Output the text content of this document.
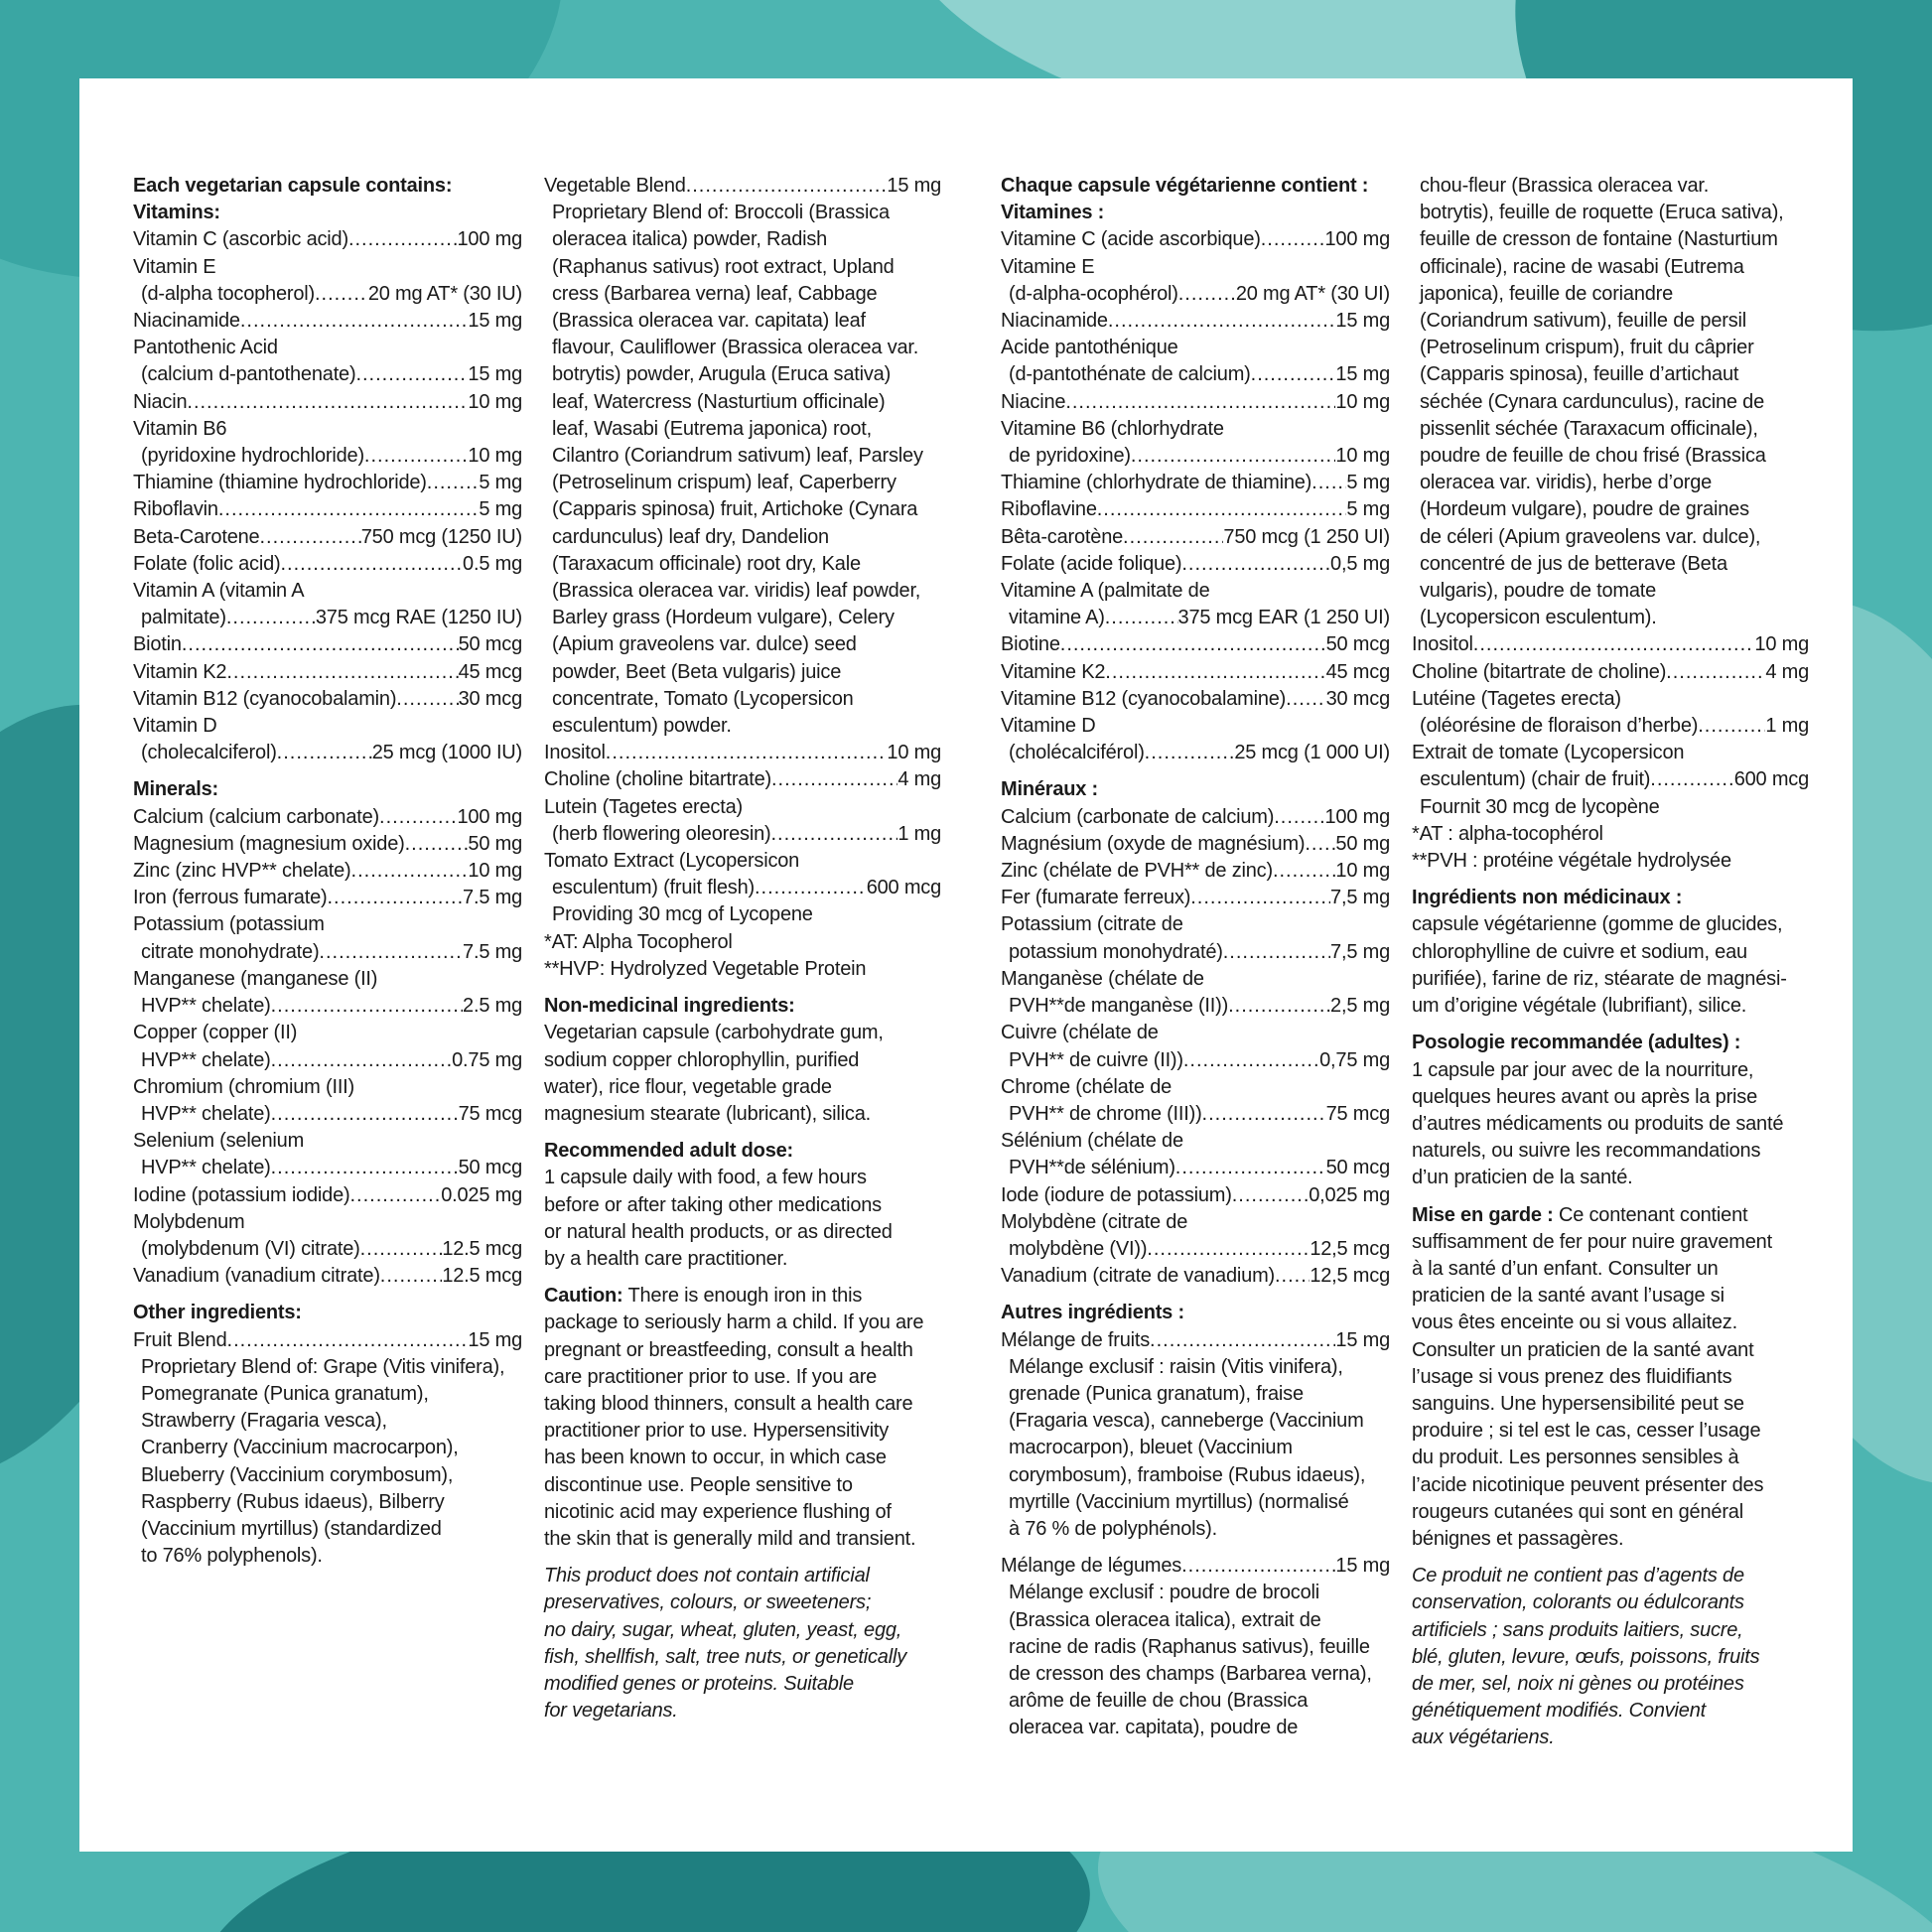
Each vegetarian capsule contains:

Vitamins:

Vitamin C (ascorbic acid) .....	100 mg

Vitamin E

(d-alpha tocopherol) .....	20 mg AT* (30 IU)
Niacinamide .....	15 mg

Pantothenic Acid

(calcium d-pantothenate) .....	15 mg
Niacin .....	10 mg

Vitamin B6

(pyridoxine hydrochloride) .....	10 mg
Thiamine (thiamine hydrochloride) .....	5 mg
Riboflavin .....	5 mg
Beta-Carotene .....	750 mcg (1250 IU)
Folate (folic acid) .....	0.5 mg

Vitamin A (vitamin A

palmitate) .....	375 mcg RAE (1250 IU)
Biotin .....	50 mcg
Vitamin K2 .....	45 mcg
Vitamin B12 (cyanocobalamin) .....	30 mcg

Vitamin D

(cholecalciferol) .....	25 mcg (1000 IU)

Minerals:

Calcium (calcium carbonate) .....	100 mg
Magnesium (magnesium oxide) .....	50 mg
Zinc (zinc HVP** chelate) .....	10 mg
Iron (ferrous fumarate) .....	7.5 mg

Potassium (potassium

citrate monohydrate) .....	7.5 mg

Manganese (manganese (II)

HVP** chelate) .....	2.5 mg

Copper (copper (II)

HVP** chelate) .....	0.75 mg

Chromium (chromium (III)

HVP** chelate) .....	75 mcg

Selenium (selenium

HVP** chelate) .....	50 mcg
Iodine (potassium iodide) .....	0.025 mg

Molybdenum

(molybdenum (VI) citrate) .....	12.5 mcg
Vanadium (vanadium citrate) .....	12.5 mcg

Other ingredients:

Fruit Blend .....	15 mg

Proprietary Blend of: Grape (Vitis vinifera),

Pomegranate (Punica granatum),

Strawberry (Fragaria vesca),

Cranberry (Vaccinium macrocarpon),

Blueberry (Vaccinium corymbosum),

Raspberry (Rubus idaeus), Bilberry

(Vaccinium myrtillus) (standardized

to 76% polyphenols).

Vegetable Blend .....	15 mg

Proprietary Blend of: Broccoli (Brassica

oleracea italica) powder, Radish

(Raphanus sativus) root extract, Upland

cress (Barbarea verna) leaf, Cabbage

(Brassica oleracea var. capitata) leaf

flavour, Cauliflower (Brassica oleracea var.

botrytis) powder, Arugula (Eruca sativa)

leaf, Watercress (Nasturtium officinale)

leaf, Wasabi (Eutrema japonica) root,

Cilantro (Coriandrum sativum) leaf, Parsley

(Petroselinum crispum) leaf, Caperberry

(Capparis spinosa) fruit, Artichoke (Cynara

cardunculus) leaf dry, Dandelion

(Taraxacum officinale) root dry, Kale

(Brassica oleracea var. viridis) leaf powder,

Barley grass (Hordeum vulgare), Celery

(Apium graveolens var. dulce) seed

powder, Beet (Beta vulgaris) juice

concentrate, Tomato (Lycopersicon

esculentum) powder.

Inositol .....	10 mg
Choline (choline bitartrate) .....	4 mg

Lutein (Tagetes erecta)

(herb flowering oleoresin) .....	1 mg

Tomato Extract (Lycopersicon

esculentum) (fruit flesh) .....	600 mcg

Providing 30 mcg of Lycopene

*AT: Alpha Tocopherol

**HVP: Hydrolyzed Vegetable Protein

Non-medicinal ingredients:

Vegetarian capsule (carbohydrate gum,

sodium copper chlorophyllin, purified

water), rice flour, vegetable grade

magnesium stearate (lubricant), silica.

Recommended adult dose:

1 capsule daily with food, a few hours

before or after taking other medications

or natural health products, or as directed

by a health care practitioner.

Caution: There is enough iron in this

package to seriously harm a child. If you are

pregnant or breastfeeding, consult a health

care practitioner prior to use. If you are

taking blood thinners, consult a health care

practitioner prior to use. Hypersensitivity

has been known to occur, in which case

discontinue use. People sensitive to

nicotinic acid may experience flushing of

the skin that is generally mild and transient.

This product does not contain artificial

preservatives, colours, or sweeteners;

no dairy, sugar, wheat, gluten, yeast, egg,

fish, shellfish, salt, tree nuts, or genetically

modified genes or proteins. Suitable

for vegetarians.

Chaque capsule végétarienne contient :

Vitamines :

Vitamine C (acide ascorbique) .....	100 mg

Vitamine E

(d-alpha-ocophérol) .....	20 mg AT* (30 UI)
Niacinamide .....	15 mg

Acide pantothénique

(d-pantothénate de calcium) .....	15 mg
Niacine .....	10 mg

Vitamine B6 (chlorhydrate

de pyridoxine) .....	10 mg
Thiamine (chlorhydrate de thiamine) ..... 5 mg
Riboflavine .....	5 mg
Bêta-carotène .....	750 mcg (1 250 UI)
Folate (acide folique) .....	0,5 mg

Vitamine A (palmitate de

vitamine A) .....	375 mcg EAR (1 250 UI)
Biotine .....	50 mcg
Vitamine K2 .....	45 mcg
Vitamine B12 (cyanocobalamine) ..... 30 mcg

Vitamine D

(cholécalciférol) .....	25 mcg (1 000 UI)

Minéraux :

Calcium (carbonate de calcium) .....	100 mg
Magnésium (oxyde de magnésium) ..... 50 mg
Zinc (chélate de PVH** de zinc) .....	10 mg
Fer (fumarate ferreux) .....	7,5 mg

Potassium (citrate de

potassium monohydraté) .....	7,5 mg

Manganèse (chélate de

PVH**de manganèse (II)) .....	2,5 mg

Cuivre (chélate de

PVH** de cuivre (II)) .....	0,75 mg

Chrome (chélate de

PVH** de chrome (III)) .....	75 mcg

Sélénium (chélate de

PVH**de sélénium) .....	50 mcg
Iode (iodure de potassium) .....	0,025 mg

Molybdène (citrate de

molybdène (VI)) .....	12,5 mcg
Vanadium (citrate de vanadium) ..... 12,5 mcg

Autres ingrédients :

Mélange de fruits .....	15 mg

Mélange exclusif : raisin (Vitis vinifera),

grenade (Punica granatum), fraise

(Fragaria vesca), canneberge (Vaccinium

macrocarpon), bleuet (Vaccinium

corymbosum), framboise (Rubus idaeus),

myrtille (Vaccinium myrtillus) (normalisé

à 76 % de polyphénols).

Mélange de légumes .....	15 mg

Mélange exclusif : poudre de brocoli

(Brassica oleracea italica), extrait de

racine de radis (Raphanus sativus), feuille

de cresson des champs (Barbarea verna),

arôme de feuille de chou (Brassica

oleracea var. capitata), poudre de

chou-fleur (Brassica oleracea var.

botrytis), feuille de roquette (Eruca sativa),

feuille de cresson de fontaine (Nasturtium

officinale), racine de wasabi (Eutrema

japonica), feuille de coriandre

(Coriandrum sativum), feuille de persil

(Petroselinum crispum), fruit du câprier

(Capparis spinosa), feuille d’artichaut

séchée (Cynara cardunculus), racine de

pissenlit séchée (Taraxacum officinale),

poudre de feuille de chou frisé (Brassica

oleracea var. viridis), herbe d’orge

(Hordeum vulgare), poudre de graines

de céleri (Apium graveolens var. dulce),

concentré de jus de betterave (Beta

vulgaris), poudre de tomate

(Lycopersicon esculentum).

Inositol .....	10 mg
Choline (bitartrate de choline) .....	4 mg

Lutéine (Tagetes erecta)

(oléorésine de floraison d’herbe) .....	1 mg

Extrait de tomate (Lycopersicon

esculentum) (chair de fruit) .....	600 mcg

Fournit 30 mcg de lycopène

*AT : alpha-tocophérol

**PVH : protéine végétale hydrolysée

Ingrédients non médicinaux :

capsule végétarienne (gomme de glucides,

chlorophylline de cuivre et sodium, eau

purifiée), farine de riz, stéarate de magnési-

um d’origine végétale (lubrifiant), silice.

Posologie recommandée (adultes) :

1 capsule par jour avec de la nourriture,

quelques heures avant ou après la prise

d’autres médicaments ou produits de santé

naturels, ou suivre les recommandations

d’un praticien de la santé.

Mise en garde : Ce contenant contient

suffisamment de fer pour nuire gravement

à la santé d’un enfant. Consulter un

praticien de la santé avant l’usage si

vous êtes enceinte ou si vous allaitez.

Consulter un praticien de la santé avant

l’usage si vous prenez des fluidifiants

sanguins. Une hypersensibilité peut se

produire ; si tel est le cas, cesser l’usage

du produit. Les personnes sensibles à

l’acide nicotinique peuvent présenter des

rougeurs cutanées qui sont en général

bénignes et passagères.

Ce produit ne contient pas d’agents de

conservation, colorants ou édulcorants

artificiels ; sans produits laitiers, sucre,

blé, gluten, levure, œufs, poissons, fruits

de mer, sel, noix ni gènes ou protéines

génétiquement modifiés. Convient

aux végétariens.
